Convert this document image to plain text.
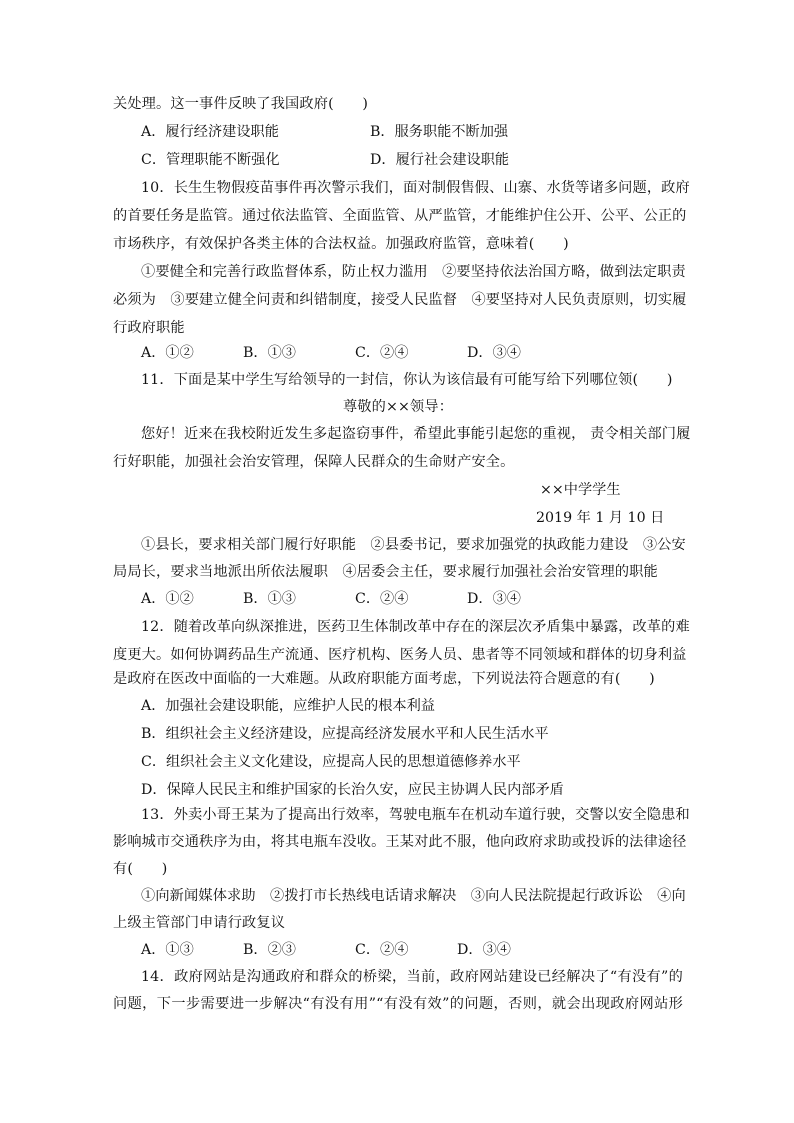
关处理。这一事件反映了我国政府(　　)
A．履行经济建设职能	B．服务职能不断加强
C．管理职能不断强化	D．履行社会建设职能
10．长生生物假疫苗事件再次警示我们，面对制假售假、山寨、水货等诸多问题，政府
的首要任务是监管。通过依法监管、全面监管、从严监管，才能维护住公开、公平、公正的
市场秩序，有效保护各类主体的合法权益。加强政府监管，意味着(　　)
①要健全和完善行政监督体系，防止权力滥用　②要坚持依法治国方略，做到法定职责
必须为　③要建立健全问责和纠错制度，接受人民监督　④要坚持对人民负责原则，切实履
行政府职能
A．①②	B．①③	C．②④	D．③④
11．下面是某中学生写给领导的一封信，你认为该信最有可能写给下列哪位领(　　)
尊敬的××领导：
您好！近来在我校附近发生多起盗窃事件，希望此事能引起您的重视， 责令相关部门履
行好职能，加强社会治安管理，保障人民群众的生命财产安全。
××中学学生
2019 年 1 月 10 日
①县长，要求相关部门履行好职能　②县委书记，要求加强党的执政能力建设　③公安
局局长，要求当地派出所依法履职　④居委会主任，要求履行加强社会治安管理的职能
A．①②	B．①③	C．②④	D．③④
12．随着改革向纵深推进，医药卫生体制改革中存在的深层次矛盾集中暴露，改革的难
度更大。如何协调药品生产流通、医疗机构、医务人员、患者等不同领域和群体的切身利益
是政府在医改中面临的一大难题。从政府职能方面考虑，下列说法符合题意的有(　　)
A．加强社会建设职能，应维护人民的根本利益
B．组织社会主义经济建设，应提高经济发展水平和人民生活水平
C．组织社会主义文化建设，应提高人民的思想道德修养水平
D．保障人民民主和维护国家的长治久安，应民主协调人民内部矛盾
13．外卖小哥王某为了提高出行效率，驾驶电瓶车在机动车道行驶，交警以安全隐患和
影响城市交通秩序为由，将其电瓶车没收。王某对此不服，他向政府求助或投诉的法律途径
有(　　)
①向新闻媒体求助　②拨打市长热线电话请求解决　③向人民法院提起行政诉讼　④向
上级主管部门申请行政复议
A．①③	B．②③	C．②④	D．③④
14．政府网站是沟通政府和群众的桥梁，当前，政府网站建设已经解决了“有没有”的
问题，下一步需要进一步解决“有没有用”“有没有效”的问题，否则，就会出现政府网站形
